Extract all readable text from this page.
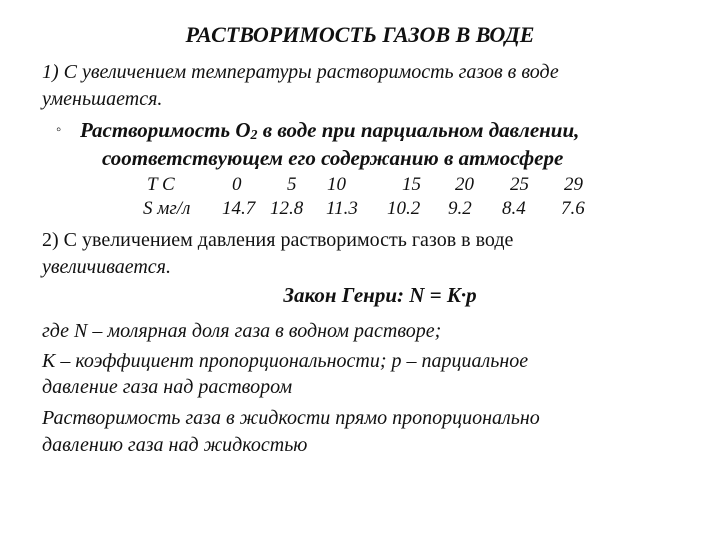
РАСТВОРИМОСТЬ ГАЗОВ В ВОДЕ
1) С увеличением температуры растворимость газов в воде
уменьшается.
◦ Растворимость $O_2$ в воде при парциальном давлении,
соответствующем его содержанию в атмосфере
T C
S мг/л
0 5 10	15 20 25 29
14.7 12.8 11.3 10.2 9.2 8.4 7.6
2) С увеличением давления растворимость газов в воде
увеличивается.
Закон Генри: N = K·p
где N – молярная доля газа в водном растворе;
K – коэффициент пропорциональности; p – парциальное
давление газа над раствором
Растворимость газа в жидкости прямо пропорционально
давлению газа над жидкостью
